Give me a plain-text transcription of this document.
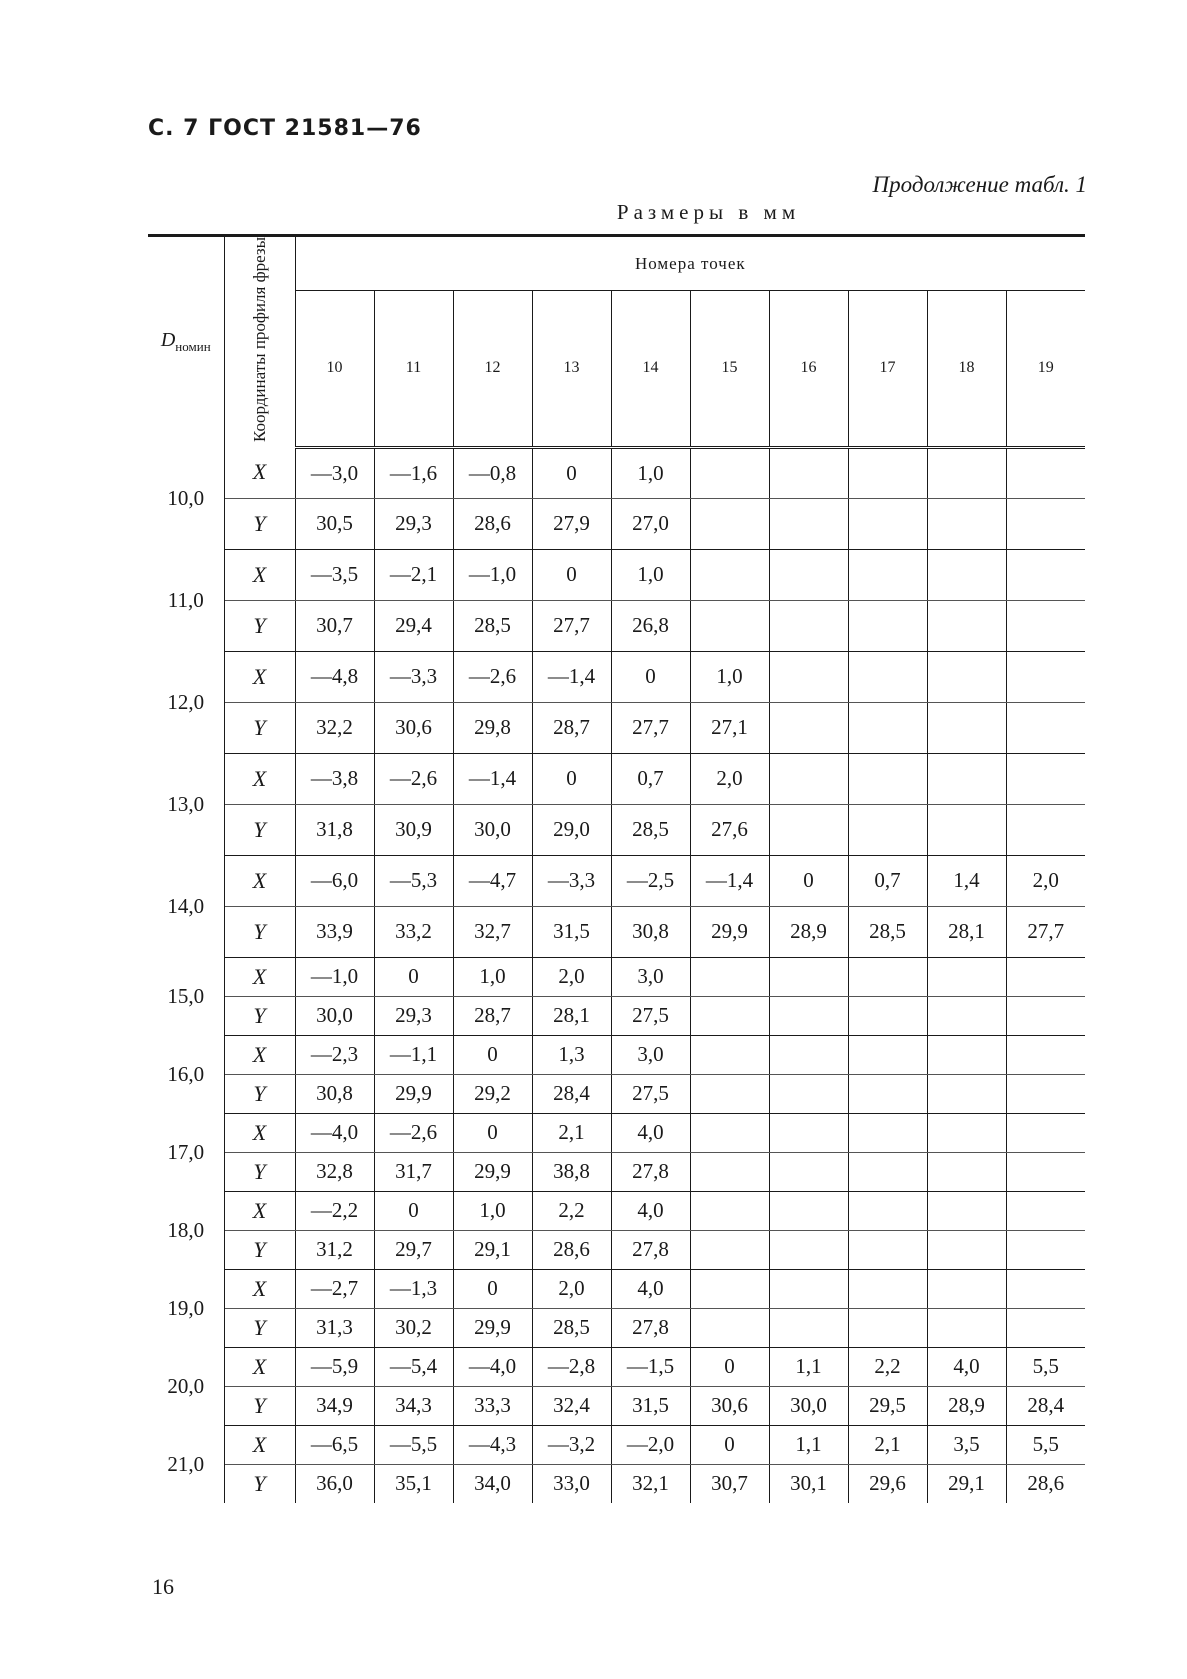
С. 7 ГОСТ 21581—76
Продолжение табл. 1
Размеры в мм
$D_{номин}$	Координаты профиля фрезы	Номера точек									
		10	11	12	13	14	15	16	17	18	19
10,0	X	—3,0	—1,6	—0,8	0	1,0					
	Y	30,5	29,3	28,6	27,9	27,0					
11,0	X	—3,5	—2,1	—1,0	0	1,0					
	Y	30,7	29,4	28,5	27,7	26,8					
12,0	X	—4,8	—3,3	—2,6	—1,4	0	1,0				
	Y	32,2	30,6	29,8	28,7	27,7	27,1				
13,0	X	—3,8	—2,6	—1,4	0	0,7	2,0				
	Y	31,8	30,9	30,0	29,0	28,5	27,6				
14,0	X	—6,0	—5,3	—4,7	—3,3	—2,5	—1,4	0	0,7	1,4	2,0
	Y	33,9	33,2	32,7	31,5	30,8	29,9	28,9	28,5	28,1	27,7
15,0	X	—1,0	0	1,0	2,0	3,0					
	Y	30,0	29,3	28,7	28,1	27,5					
16,0	X	—2,3	—1,1	0	1,3	3,0					
	Y	30,8	29,9	29,2	28,4	27,5					
17,0	X	—4,0	—2,6	0	2,1	4,0					
	Y	32,8	31,7	29,9	38,8	27,8					
18,0	X	—2,2	0	1,0	2,2	4,0					
	Y	31,2	29,7	29,1	28,6	27,8					
19,0	X	—2,7	—1,3	0	2,0	4,0					
	Y	31,3	30,2	29,9	28,5	27,8					
20,0	X	—5,9	—5,4	—4,0	—2,8	—1,5	0	1,1	2,2	4,0	5,5
	Y	34,9	34,3	33,3	32,4	31,5	30,6	30,0	29,5	28,9	28,4
21,0	X	—6,5	—5,5	—4,3	—3,2	—2,0	0	1,1	2,1	3,5	5,5
	Y	36,0	35,1	34,0	33,0	32,1	30,7	30,1	29,6	29,1	28,6
16
